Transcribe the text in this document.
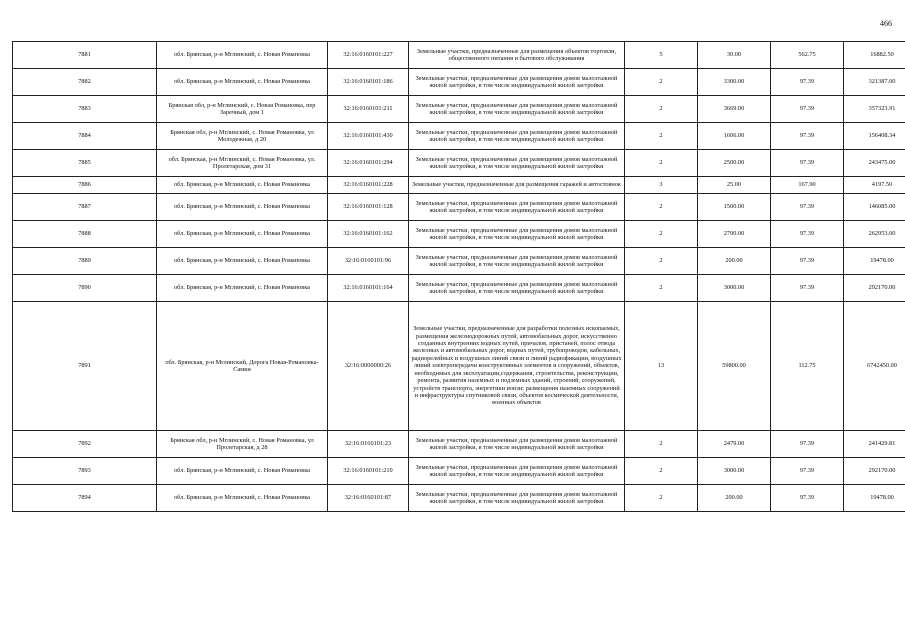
466
7881	обл. Брянская, р-н Мглинский, с. Новая Романовка	32:16:0160101:227	Земельные участки, предназначенные для размещения объектов торговли, общественного питания и бытового обслуживания	5	30.00	562.75	16882.50
7882	обл. Брянская, р-н Мглинский, с. Новая Романовка	32:16:0160101:186	Земельные участки, предназначенные для размещения домов малоэтажной жилой застройки, в том числе индивидуальной жилой застройки	2	3300.00	97.39	321387.00
7883	Брянская обл, р-н Мглинский, с. Новая Романовка, пер Заречный, дом 1	32:16:0160101:211	Земельные участки, предназначенные для размещения домов малоэтажной жилой застройки, в том числе индивидуальной жилой застройки	2	3669.00	97.39	357323.91
7884	Брянская обл, р-н Мглинский, с. Новая Романовка, ул Молодежная, д 20	32:16:0160101:430	Земельные участки, предназначенные для размещения домов малоэтажной жилой застройки, в том числе индивидуальной жилой застройки	2	1606.00	97.39	156408.34
7885	обл. Брянская, р-н Мглинский, с. Новая Романовка, ул. Пролетарская, дом 31	32:16:0160101:294	Земельные участки, предназначенные для размещения домов малоэтажной жилой застройки, в том числе индивидуальной жилой застройки	2	2500.00	97.39	243475.00
7886	обл. Брянская, р-н Мглинский, с. Новая Романовка	32:16:0160101:228	Земельные участки, предназначенные для размещения гаражей и автостоянок	3	25.00	167.90	4197.50
7887	обл. Брянская, р-н Мглинский, с. Новая Романовка	32:16:0160101:128	Земельные участки, предназначенные для размещения домов малоэтажной жилой застройки, в том числе индивидуальной жилой застройки	2	1500.00	97.39	146085.00
7888	обл. Брянская, р-н Мглинский, с. Новая Романовка	32:16:0160101:162	Земельные участки, предназначенные для размещения домов малоэтажной жилой застройки, в том числе индивидуальной жилой застройки	2	2700.00	97.39	262953.00
7889	обл. Брянская, р-н Мглинский, с. Новая Романовка	32:16:0160101:96	Земельные участки, предназначенные для размещения домов малоэтажной жилой застройки, в том числе индивидуальной жилой застройки	2	200.00	97.39	19478.00
7890	обл. Брянская, р-н Мглинский, с. Новая Романовка	32:16:0160101:164	Земельные участки, предназначенные для размещения домов малоэтажной жилой застройки, в том числе индивидуальной жилой застройки	2	3000.00	97.39	292170.00
7891	обл. Брянская, р-н Мглинский, Дорога Новая-Романовка-Самки	32:16:0000000:26	Земельные участки, предназначенные для разработки полезных ископаемых, размещения железнодорожных путей, автомобильных дорог, искусственно созданных внутренних водных путей, причалов, пристаней, полос отвода железных и автомобильных дорог, водных путей, трубопроводов, кабельных, радиорелейных и воздушных линий связи и линий радиофикации, воздушных линий электропередачи конструктивных элементов и сооружений, объектов, необходимых для эксплуатации,содержания, строительства, реконструкции, ремонта, развития наземных и подземных зданий, строений, сооружений, устройств транспорта, энергетики ионзи; размещения наземных сооружений и инфраструктуры спутниковой связи, объектов космической деятельности, военных объектов	13	59800.00	112.75	6742450.00
7892	Брянская обл, р-н Мглинский, с. Новая Романовка, ул Пролетарская, д 28	32:16:0160101:23	Земельные участки, предназначенные для размещения домов малоэтажной жилой застройки, в том числе индивидуальной жилой застройки	2	2479.00	97.39	241429.81
7893	обл. Брянская, р-н Мглинский, с. Новая Романовка	32:16:0160101:210	Земельные участки, предназначенные для размещения домов малоэтажной жилой застройки, в том числе индивидуальной жилой застройки	2	3000.00	97.39	292170.00
7894	обл. Брянская, р-н Мглинский, с. Новая Романовка	32:16:0160101:87	Земельные участки, предназначенные для размещения домов малоэтажной жилой застройки, в том числе индивидуальной жилой застройки	2	200.00	97.39	19478.00
